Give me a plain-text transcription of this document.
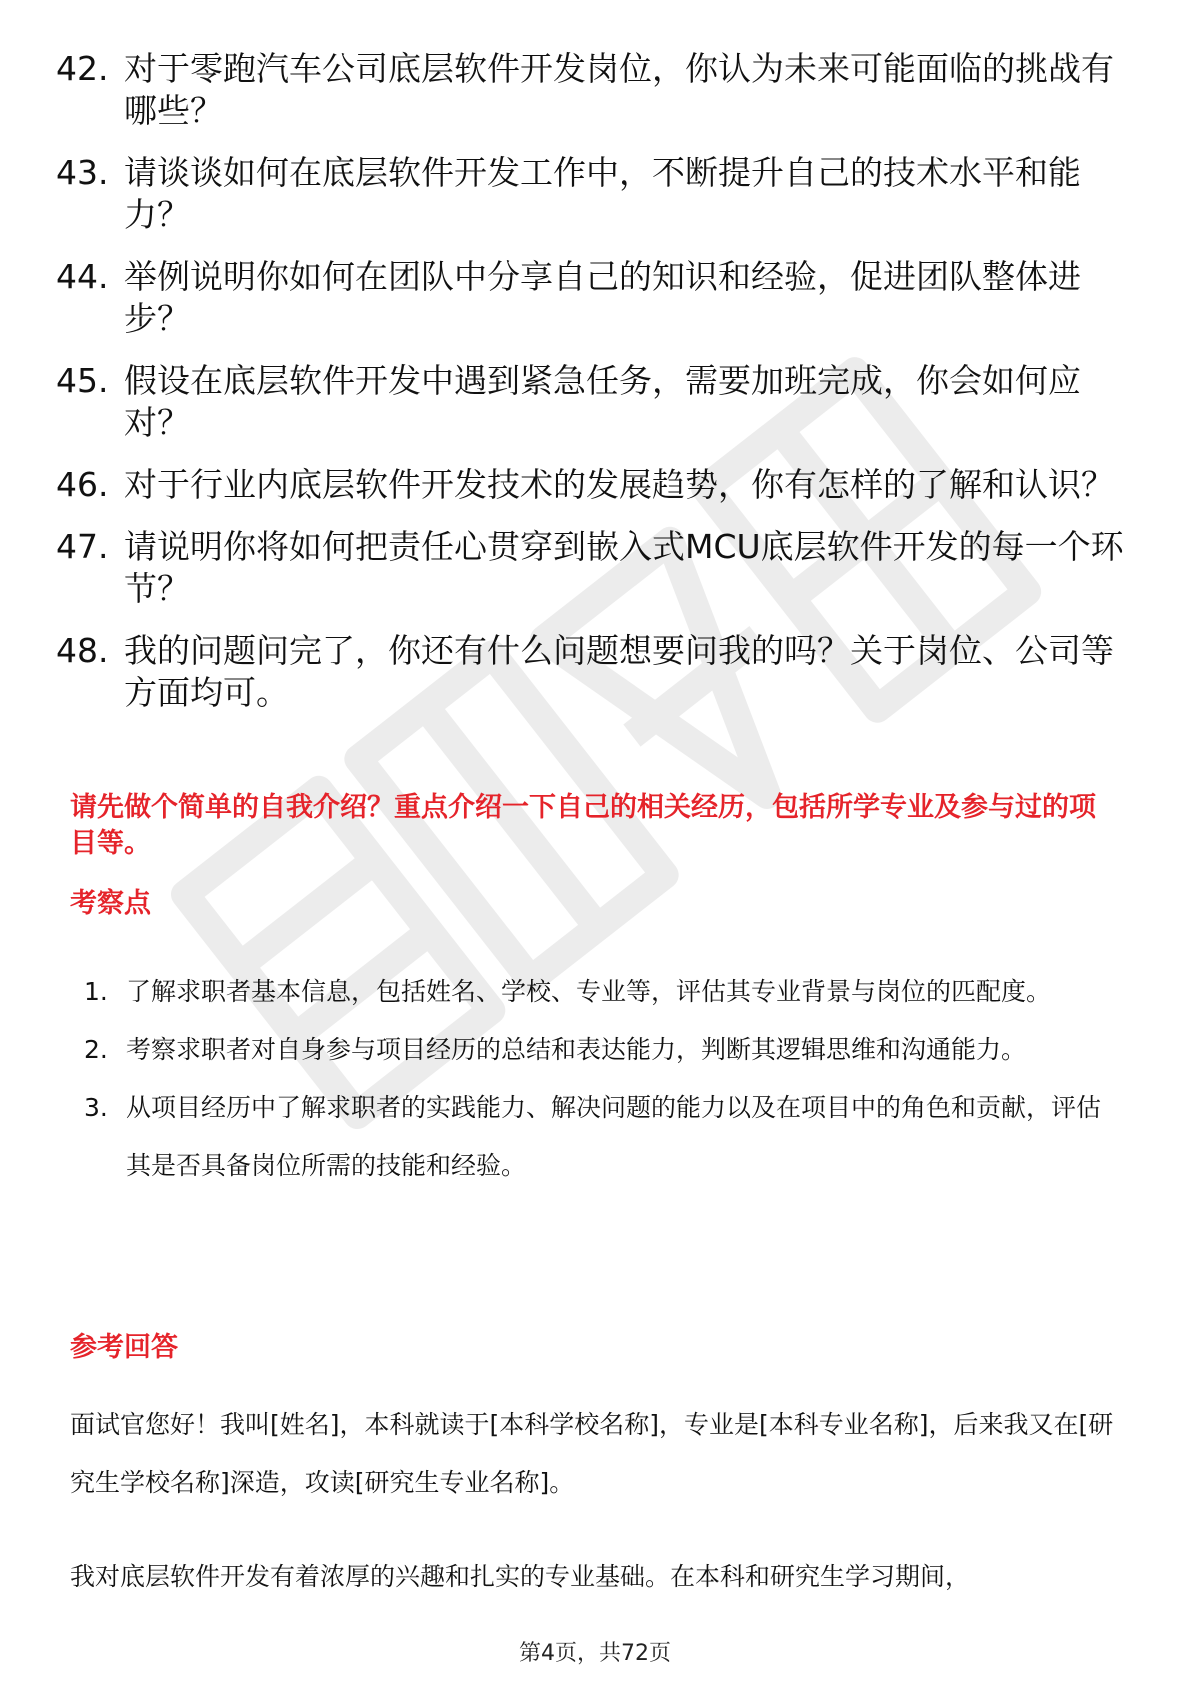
42. 对于零跑汽车公司底层软件开发岗位，你认为未来可能面临的挑战有哪些？
43. 请谈谈如何在底层软件开发工作中，不断提升自己的技术水平和能力？
44. 举例说明你如何在团队中分享自己的知识和经验，促进团队整体进步？
45. 假设在底层软件开发中遇到紧急任务，需要加班完成，你会如何应对？
46. 对于行业内底层软件开发技术的发展趋势，你有怎样的了解和认识？
47. 请说明你将如何把责任心贯穿到嵌入式MCU底层软件开发的每一个环节？
48. 我的问题问完了，你还有什么问题想要问我的吗？关于岗位、公司等方面均可。

请先做个简单的自我介绍？重点介绍一下自己的相关经历，包括所学专业及参与过的项目等。

考察点

1. 了解求职者基本信息，包括姓名、学校、专业等，评估其专业背景与岗位的匹配度。
2. 考察求职者对自身参与项目经历的总结和表达能力，判断其逻辑思维和沟通能力。
3. 从项目经历中了解求职者的实践能力、解决问题的能力以及在项目中的角色和贡献，评估其是否具备岗位所需的技能和经验。

参考回答

面试官您好！我叫[姓名]，本科就读于[本科学校名称]，专业是[本科专业名称]，后来我又在[研究生学校名称]深造，攻读[研究生专业名称]。

我对底层软件开发有着浓厚的兴趣和扎实的专业基础。在本科和研究生学习期间，

第4页，共72页
